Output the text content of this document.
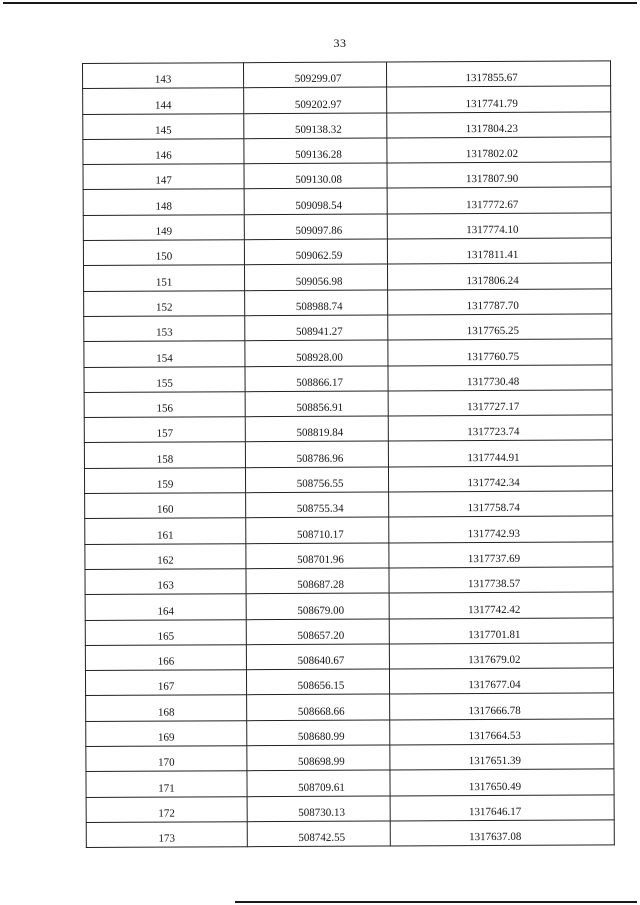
33
143	509299.07	1317855.67
144	509202.97	1317741.79
145	509138.32	1317804.23
146	509136.28	1317802.02
147	509130.08	1317807.90
148	509098.54	1317772.67
149	509097.86	1317774.10
150	509062.59	1317811.41
151	509056.98	1317806.24
152	508988.74	1317787.70
153	508941.27	1317765.25
154	508928.00	1317760.75
155	508866.17	1317730.48
156	508856.91	1317727.17
157	508819.84	1317723.74
158	508786.96	1317744.91
159	508756.55	1317742.34
160	508755.34	1317758.74
161	508710.17	1317742.93
162	508701.96	1317737.69
163	508687.28	1317738.57
164	508679.00	1317742.42
165	508657.20	1317701.81
166	508640.67	1317679.02
167	508656.15	1317677.04
168	508668.66	1317666.78
169	508680.99	1317664.53
170	508698.99	1317651.39
171	508709.61	1317650.49
172	508730.13	1317646.17
173	508742.55	1317637.08
